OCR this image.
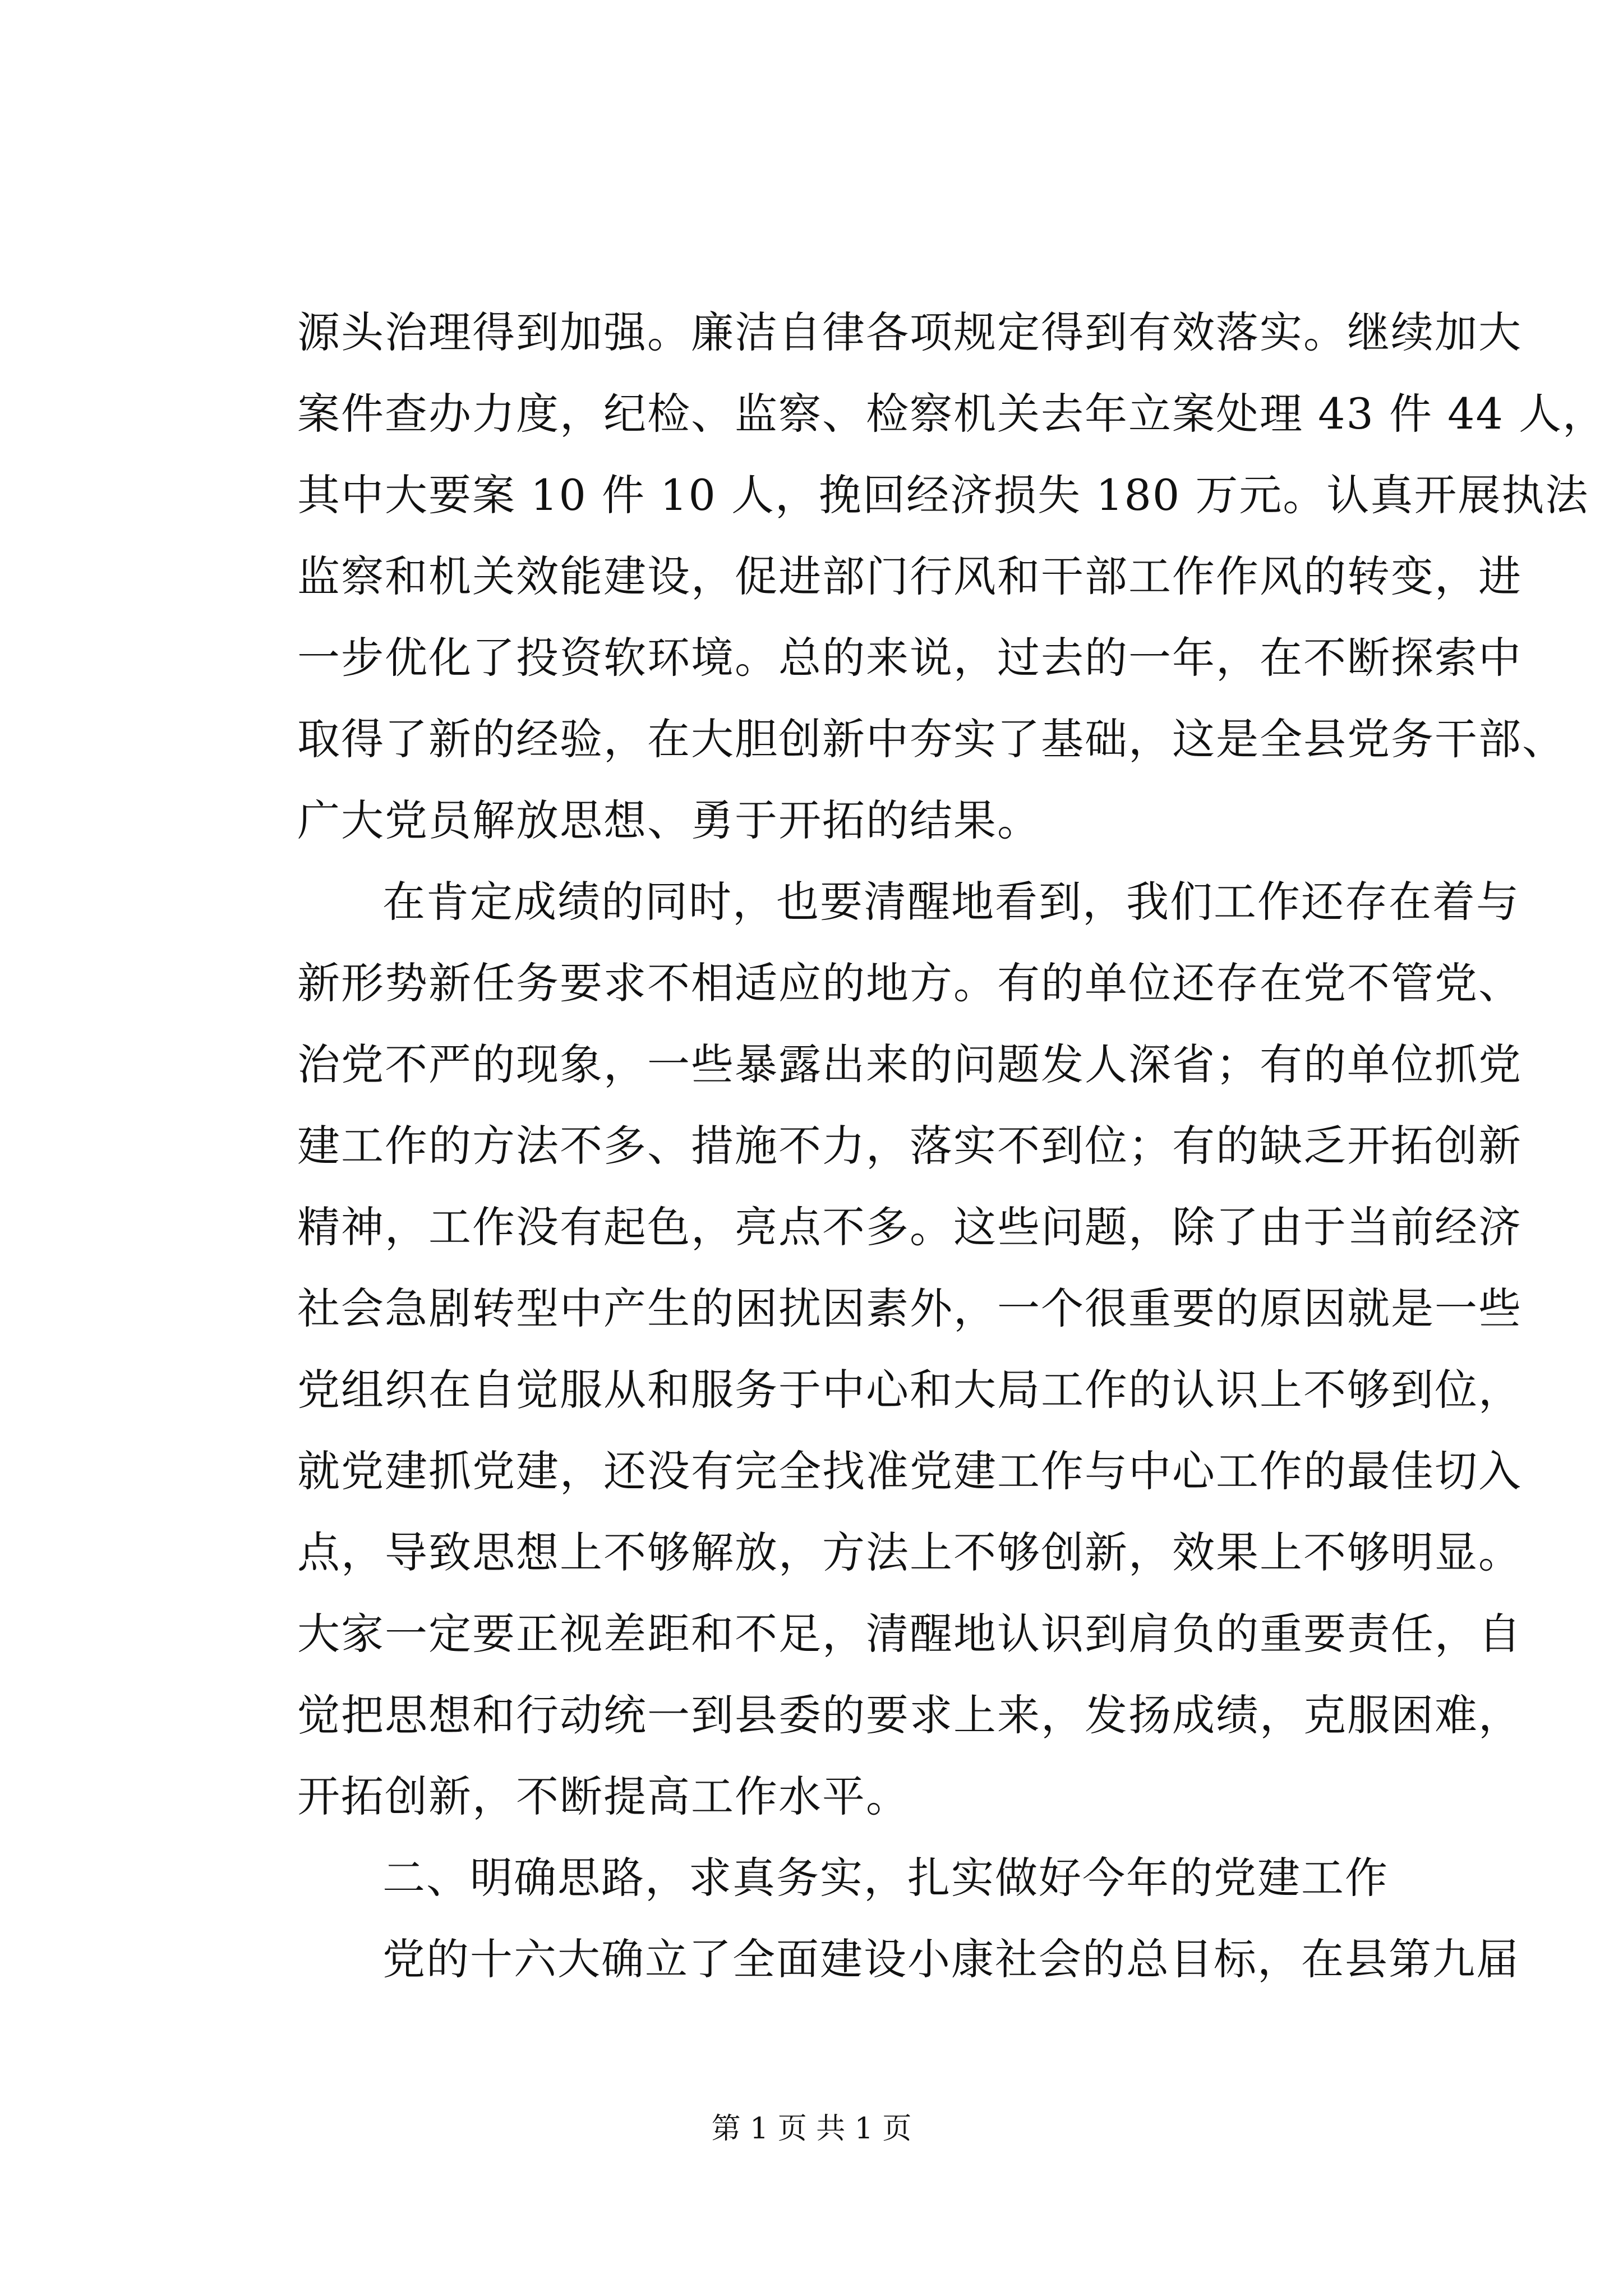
源头治理得到加强。廉洁自律各项规定得到有效落实。继续加大
案件查办力度，纪检、监察、检察机关去年立案处理 43 件 44 人，
其中大要案 10 件 10 人，挽回经济损失 180 万元。认真开展执法
监察和机关效能建设，促进部门行风和干部工作作风的转变，进
一步优化了投资软环境。总的来说，过去的一年，在不断探索中
取得了新的经验，在大胆创新中夯实了基础，这是全县党务干部、
广大党员解放思想、勇于开拓的结果。
在肯定成绩的同时，也要清醒地看到，我们工作还存在着与
新形势新任务要求不相适应的地方。有的单位还存在党不管党、
治党不严的现象，一些暴露出来的问题发人深省；有的单位抓党
建工作的方法不多、措施不力，落实不到位；有的缺乏开拓创新
精神，工作没有起色，亮点不多。这些问题，除了由于当前经济
社会急剧转型中产生的困扰因素外，一个很重要的原因就是一些
党组织在自觉服从和服务于中心和大局工作的认识上不够到位，
就党建抓党建，还没有完全找准党建工作与中心工作的最佳切入
点，导致思想上不够解放，方法上不够创新，效果上不够明显。
大家一定要正视差距和不足，清醒地认识到肩负的重要责任，自
觉把思想和行动统一到县委的要求上来，发扬成绩，克服困难，
开拓创新，不断提高工作水平。
二、明确思路，求真务实，扎实做好今年的党建工作
党的十六大确立了全面建设小康社会的总目标，在县第九届
第 1 页 共 1 页
